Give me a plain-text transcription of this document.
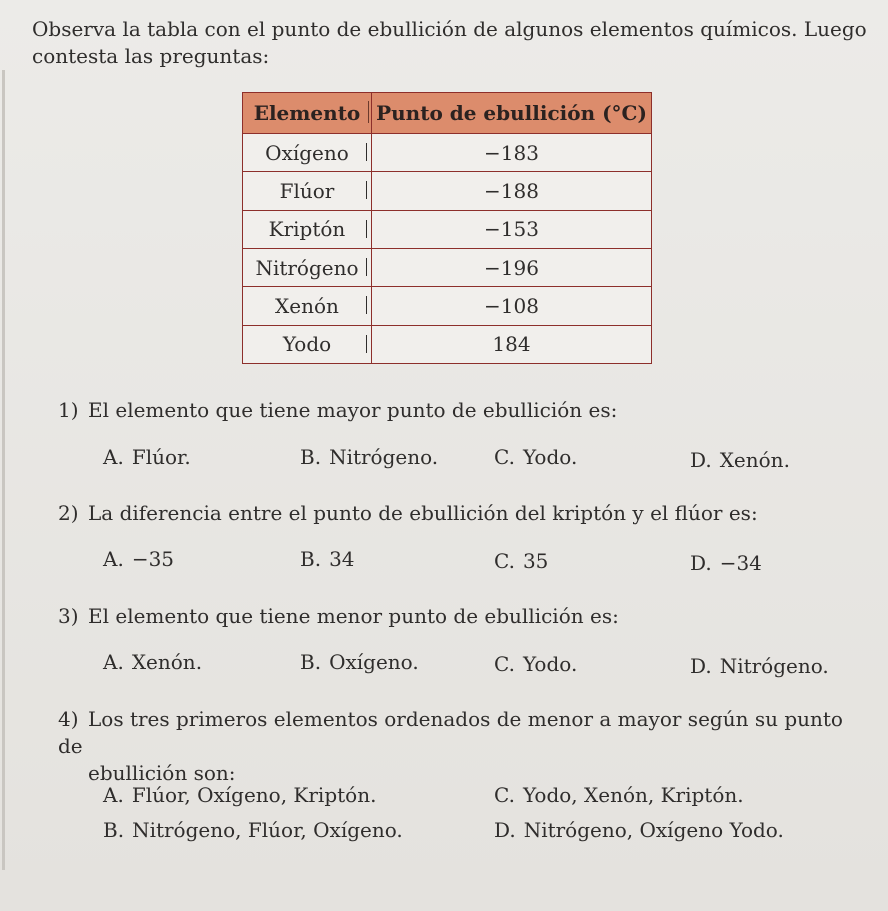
Observa la tabla con el punto de ebullición de algunos elementos químicos. Luego
contesta las preguntas:
Elemento	Punto de ebullición (°C)
Oxígeno	−183
Flúor	−188
Kriptón	−153
Nitrógeno	−196
Xenón	−108
Yodo	184
1) El elemento que tiene mayor punto de ebullición es:
A. Flúor.	B. Nitrógeno.	C. Yodo.	D. Xenón.
2) La diferencia entre el punto de ebullición del kriptón y el flúor es:
A. −35	B. 34	C. 35	D. −34
3) El elemento que tiene menor punto de ebullición es:
A. Xenón.	B. Oxígeno.	C. Yodo.	D. Nitrógeno.
4) Los tres primeros elementos ordenados de menor a mayor según su punto de
ebullición son:
A. Flúor, Oxígeno, Kriptón.
B. Nitrógeno, Flúor, Oxígeno.
C. Yodo, Xenón, Kriptón.
D. Nitrógeno, Oxígeno Yodo.
